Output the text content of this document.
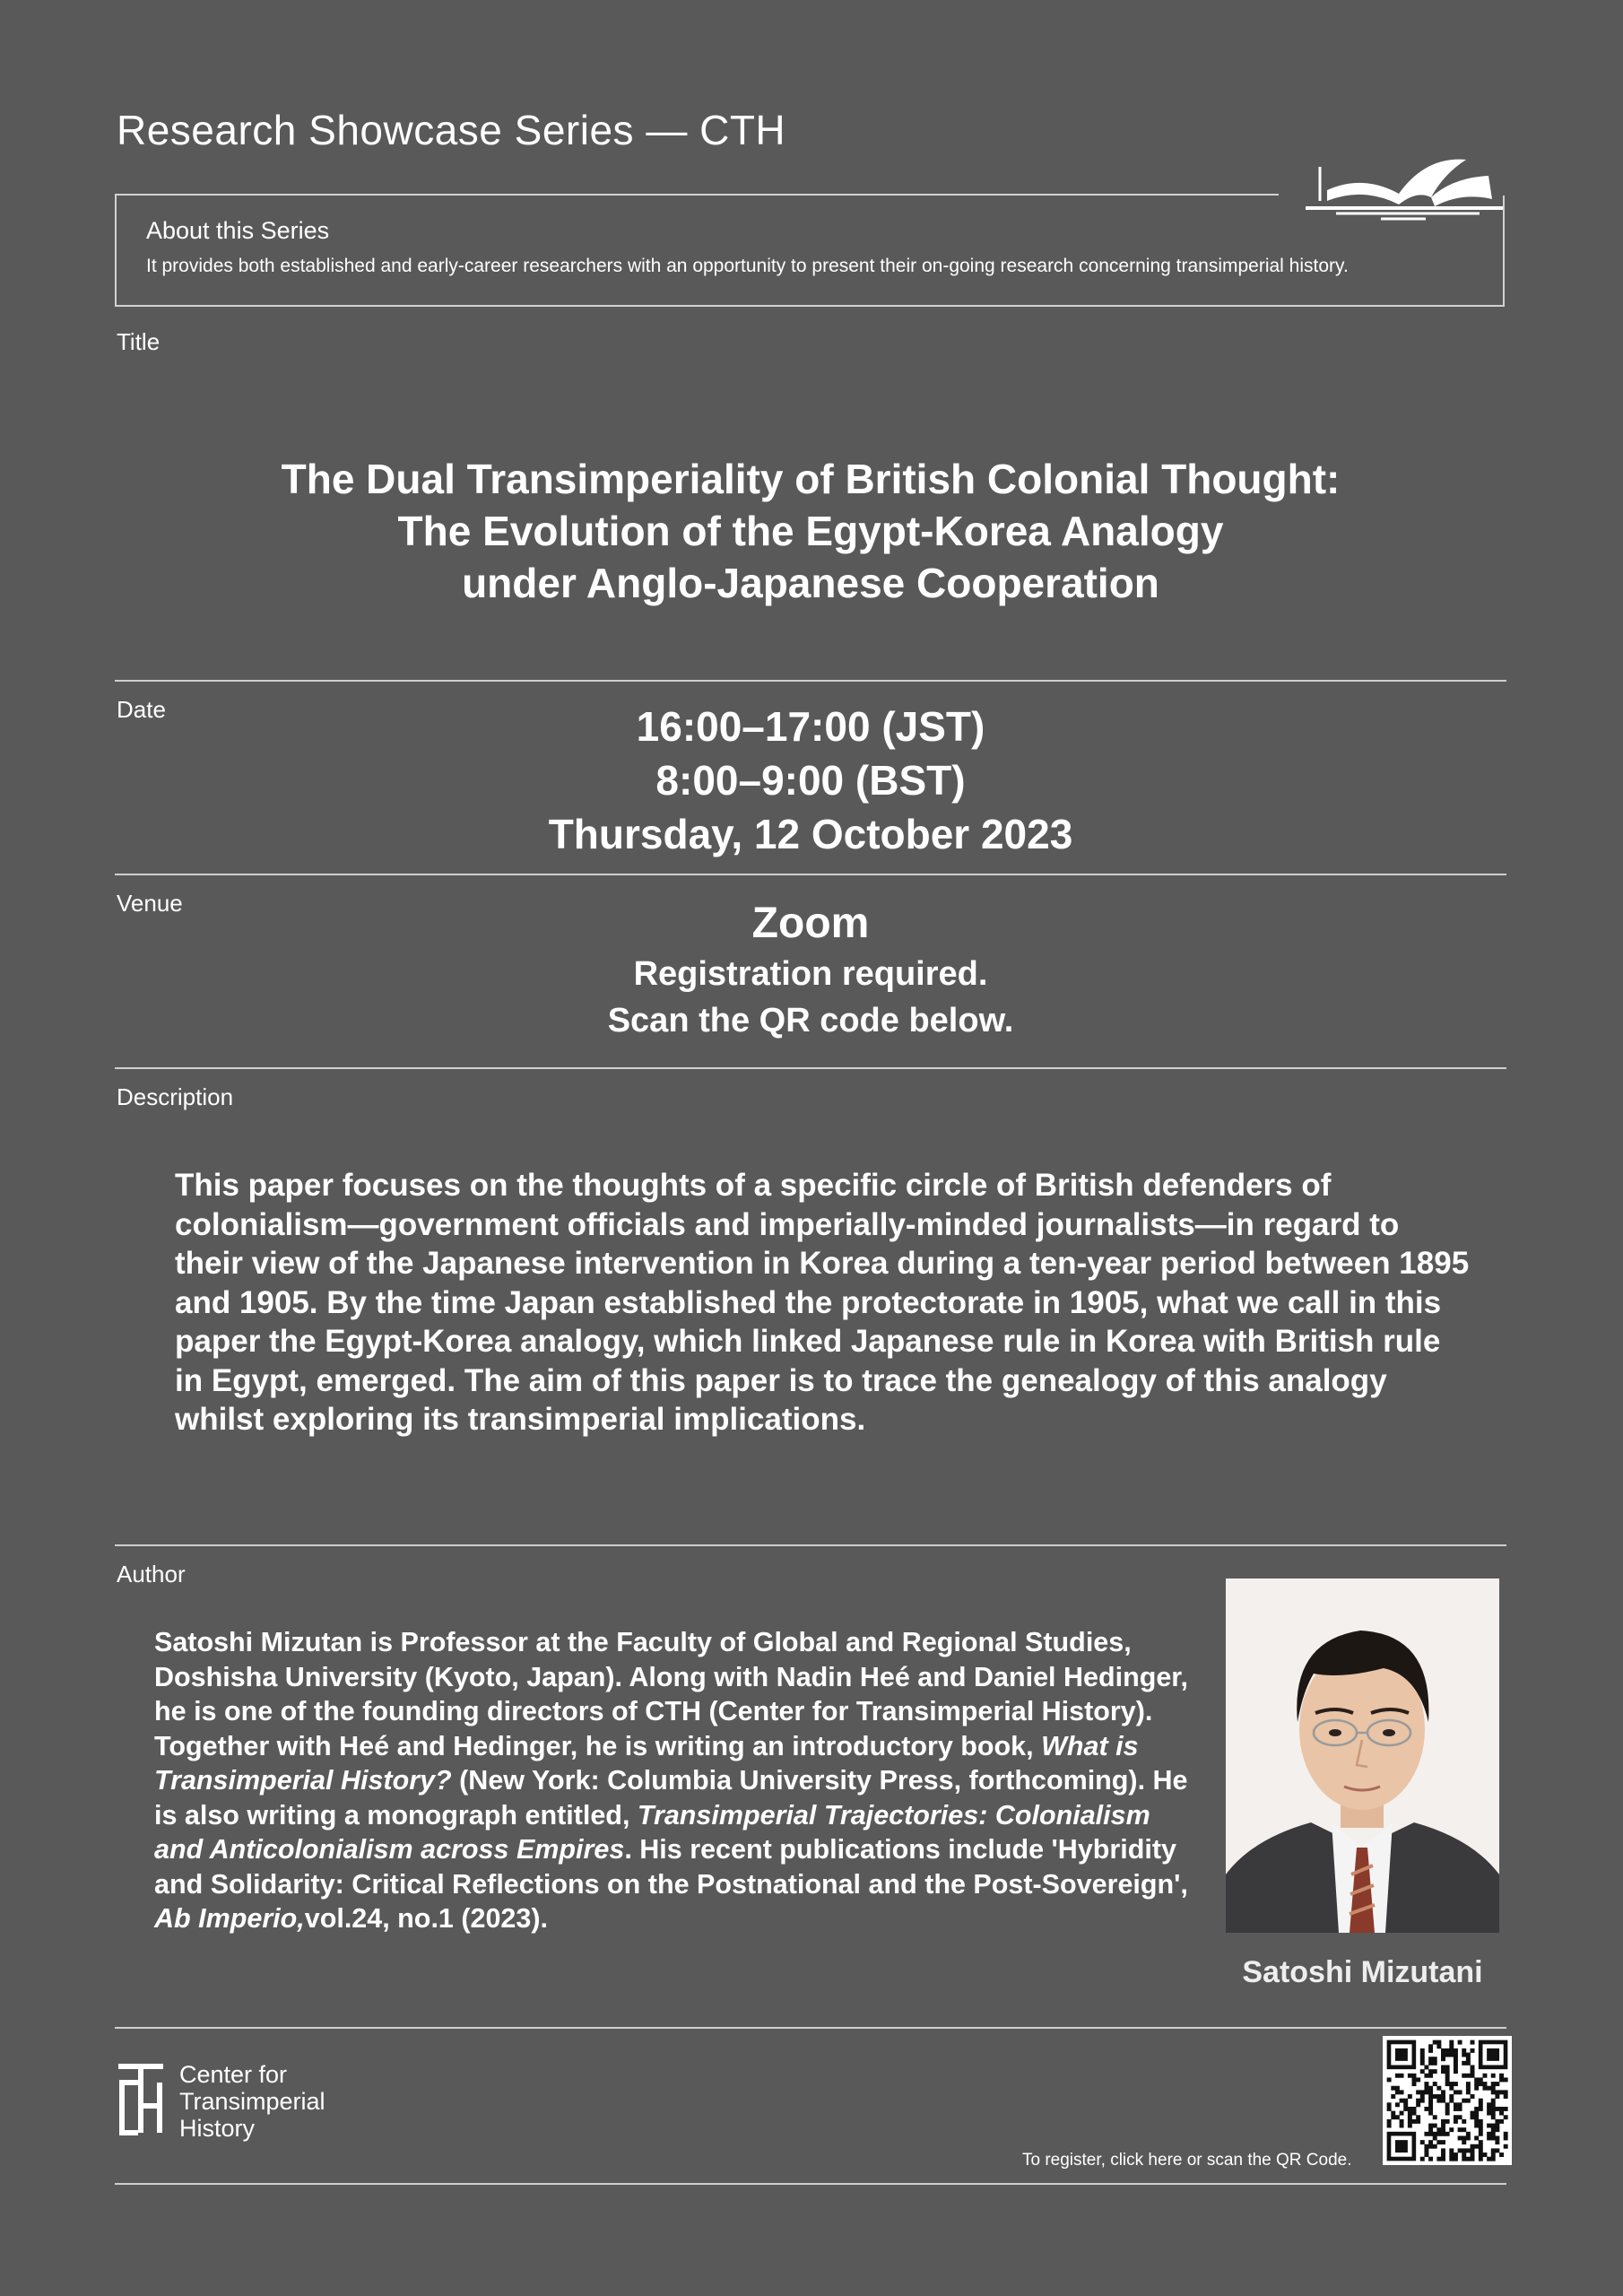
Research Showcase Series — CTH
About this Series
It provides both established and early-career researchers with an opportunity to present their on-going research concerning transimperial history.
Title
The Dual Transimperiality of British Colonial Thought:
The Evolution of the Egypt-Korea Analogy
under Anglo-Japanese Cooperation
Date	16:00–17:00 (JST)
8:00–9:00 (BST)
Thursday, 12 October 2023
Venue	Zoom
Registration required.
Scan the QR code below.
Description
This paper focuses on the thoughts of a specific circle of British defenders of colonialism—government officials and imperially-minded journalists—in regard to their view of the Japanese intervention in Korea during a ten-year period between 1895 and 1905. By the time Japan established the protectorate in 1905, what we call in this paper the Egypt-Korea analogy, which linked Japanese rule in Korea with British rule in Egypt, emerged. The aim of this paper is to trace the genealogy of this analogy whilst exploring its transimperial implications.
Author
Satoshi Mizutan is Professor at the Faculty of Global and Regional Studies, Doshisha University (Kyoto, Japan). Along with Nadin Heé and Daniel Hedinger, he is one of the founding directors of CTH (Center for Transimperial History). Together with Heé and Hedinger, he is writing an introductory book, What is Transimperial History? (New York: Columbia University Press, forthcoming). He is also writing a monograph entitled, Transimperial Trajectories: Colonialism and Anticolonialism across Empires. His recent publications include 'Hybridity and Solidarity: Critical Reflections on the Postnational and the Post-Sovereign', Ab Imperio,vol.24, no.1 (2023).
Satoshi Mizutani
Center for
Transimperial
History
To register, click here or scan the QR Code.
